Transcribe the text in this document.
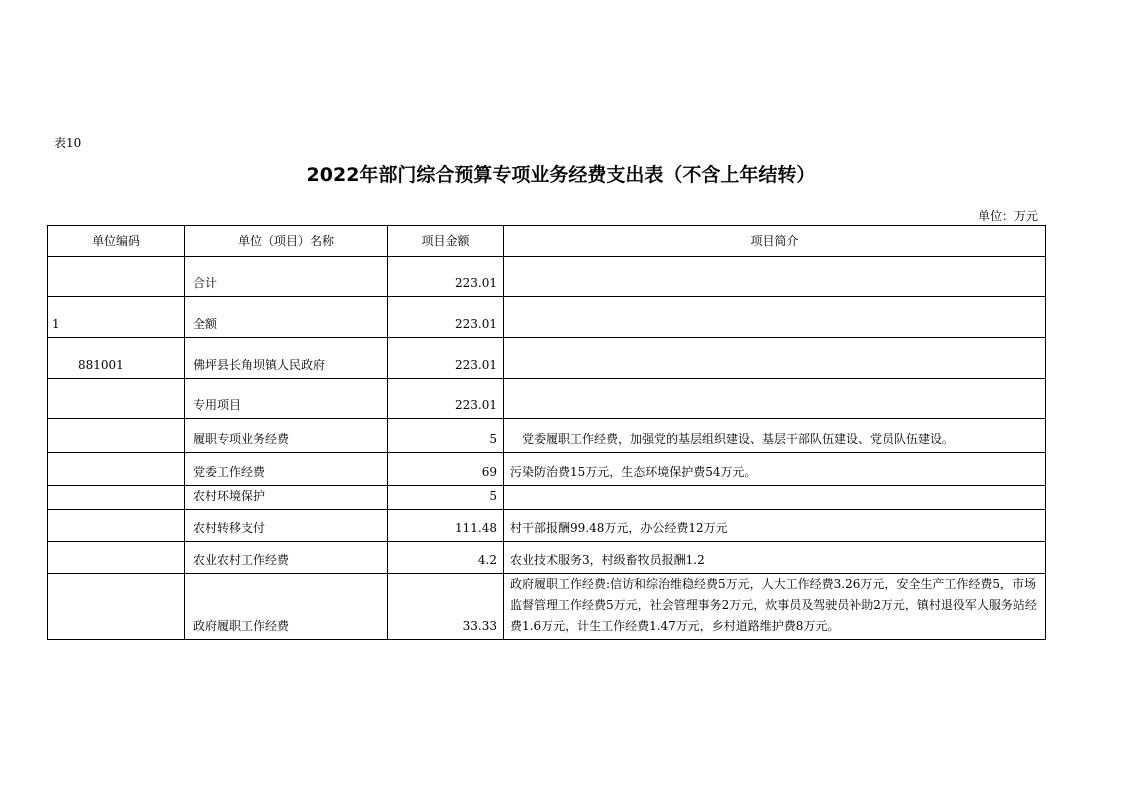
表10
2022年部门综合预算专项业务经费支出表（不含上年结转）
单位：万元
单位编码	单位（项目）名称	项目金额	项目简介
	合计	223.01	
1	全额	223.01	
881001	佛坪县长角坝镇人民政府	223.01	
	专用项目	223.01	
	履职专项业务经费	5	党委履职工作经费，加强党的基层组织建设、基层干部队伍建设、党员队伍建设。
	党委工作经费	69	污染防治费15万元，生态环境保护费54万元。
	农村环境保护	5	
	农村转移支付	111.48	村干部报酬99.48万元，办公经费12万元
	农业农村工作经费	4.2	农业技术服务3，村级畜牧员报酬1.2
	政府履职工作经费	33.33	政府履职工作经费:信访和综治维稳经费5万元，人大工作经费3.26万元，安全生产工作经费5，市场监督管理工作经费5万元，社会管理事务2万元，炊事员及驾驶员补助2万元，镇村退役军人服务站经费1.6万元，计生工作经费1.47万元，乡村道路维护费8万元。
